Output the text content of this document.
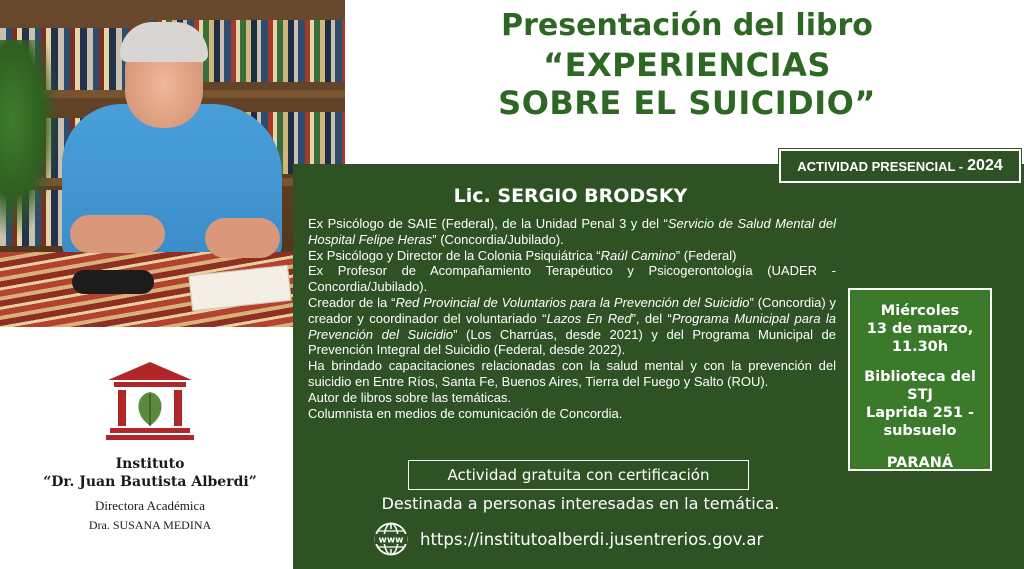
Presentación del libro
“EXPERIENCIAS
SOBRE EL SUICIDIO”
ACTIVIDAD PRESENCIAL - 2024
Lic. SERGIO BRODSKY

Ex Psicólogo de SAIE (Federal), de la Unidad Penal 3 y del “Servicio de Salud Mental del Hospital Felipe Heras” (Concordia/Jubilado).

Ex Psicólogo y Director de la Colonia Psiquiátrica “Raúl Camino” (Federal)

Ex Profesor de Acompañamiento Terapéutico y Psicogerontología (UADER - Concordia/Jubilado).

Creador de la “Red Provincial de Voluntarios para la Prevención del Suicidio” (Concordia) y creador y coordinador del voluntariado “Lazos En Red”, del “Programa Municipal para la Prevención del Suicidio” (Los Charrúas, desde 2021) y del Programa Municipal de Prevención Integral del Suicidio (Federal, desde 2022).

Ha brindado capacitaciones relacionadas con la salud mental y con la prevención del suicidio en Entre Ríos, Santa Fe, Buenos Aires, Tierra del Fuego y Salto (ROU).

Autor de libros sobre las temáticas.

Columnista en medios de comunicación de Concordia.

Miércoles
13 de marzo,
11.30h
Biblioteca del STJ
Laprida 251 -
subsuelo
PARANÁ
Actividad gratuita con certificación
Destinada a personas interesadas en la temática.
www https://institutoalberdi.jusentrerios.gov.ar
Instituto
“Dr. Juan Bautista Alberdi”
Directora Académica
Dra. SUSANA MEDINA
